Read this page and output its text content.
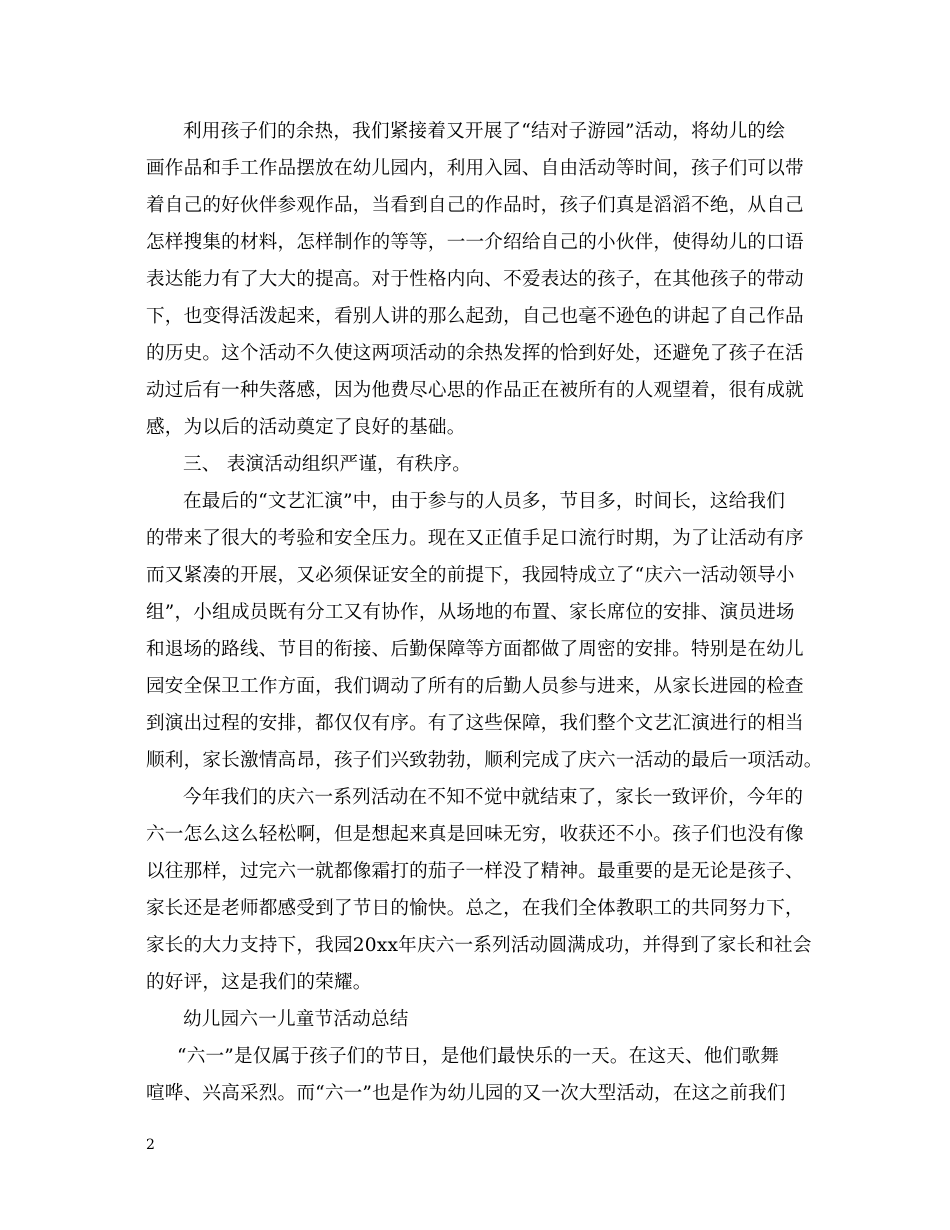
利用孩子们的余热，我们紧接着又开展了“结对子游园”活动，将幼儿的绘
画作品和手工作品摆放在幼儿园内，利用入园、自由活动等时间，孩子们可以带
着自己的好伙伴参观作品，当看到自己的作品时，孩子们真是滔滔不绝，从自己
怎样搜集的材料，怎样制作的等等，一一介绍给自己的小伙伴，使得幼儿的口语
表达能力有了大大的提高。对于性格内向、不爱表达的孩子，在其他孩子的带动
下，也变得活泼起来，看别人讲的那么起劲，自己也毫不逊色的讲起了自己作品
的历史。这个活动不久使这两项活动的余热发挥的恰到好处，还避免了孩子在活
动过后有一种失落感，因为他费尽心思的作品正在被所有的人观望着，很有成就
感，为以后的活动奠定了良好的基础。
三、 表演活动组织严谨，有秩序。
在最后的“文艺汇演”中，由于参与的人员多，节目多，时间长，这给我们
的带来了很大的考验和安全压力。现在又正值手足口流行时期，为了让活动有序
而又紧凑的开展，又必须保证安全的前提下，我园特成立了“庆六一活动领导小
组”，小组成员既有分工又有协作，从场地的布置、家长席位的安排、演员进场
和退场的路线、节目的衔接、后勤保障等方面都做了周密的安排。特别是在幼儿
园安全保卫工作方面，我们调动了所有的后勤人员参与进来，从家长进园的检查
到演出过程的安排，都仅仅有序。有了这些保障，我们整个文艺汇演进行的相当
顺利，家长激情高昂，孩子们兴致勃勃，顺利完成了庆六一活动的最后一项活动。
今年我们的庆六一系列活动在不知不觉中就结束了，家长一致评价，今年的
六一怎么这么轻松啊，但是想起来真是回味无穷，收获还不小。孩子们也没有像
以往那样，过完六一就都像霜打的茄子一样没了精神。最重要的是无论是孩子、
家长还是老师都感受到了节日的愉快。总之，在我们全体教职工的共同努力下，
家长的大力支持下，我园20xx年庆六一系列活动圆满成功，并得到了家长和社会
的好评，这是我们的荣耀。
幼儿园六一儿童节活动总结
“六一”是仅属于孩子们的节日，是他们最快乐的一天。在这天、他们歌舞
喧哗、兴高采烈。而“六一”也是作为幼儿园的又一次大型活动，在这之前我们
2
